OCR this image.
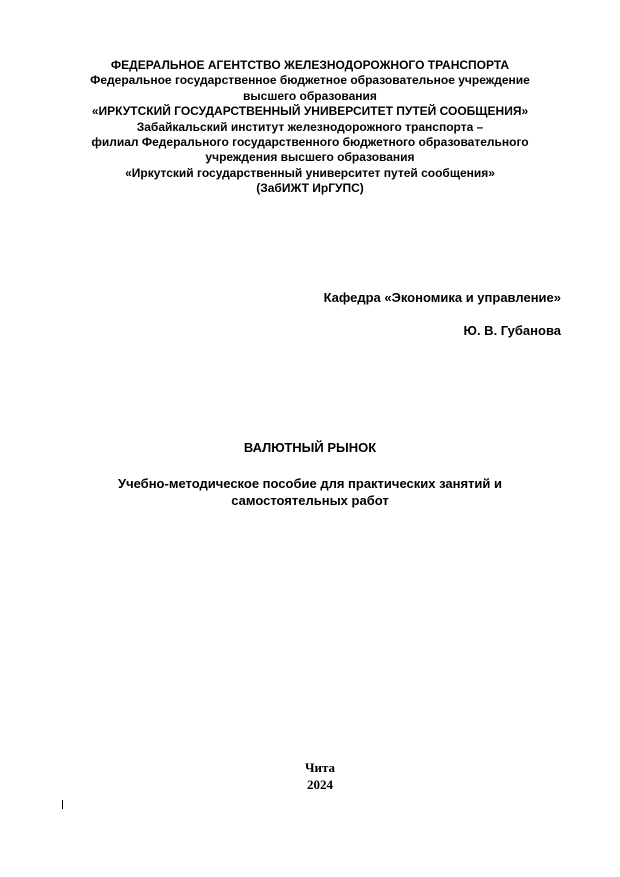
ФЕДЕРАЛЬНОЕ АГЕНТСТВО ЖЕЛЕЗНОДОРОЖНОГО ТРАНСПОРТА
Федеральное государственное бюджетное образовательное учреждение
высшего образования
«ИРКУТСКИЙ ГОСУДАРСТВЕННЫЙ УНИВЕРСИТЕТ ПУТЕЙ СООБЩЕНИЯ»
Забайкальский институт железнодорожного транспорта –
филиал Федерального государственного бюджетного образовательного
учреждения высшего образования
«Иркутский государственный университет путей сообщения»
(ЗабИЖТ ИрГУПС)
Кафедра «Экономика и управление»
Ю. В. Губанова
ВАЛЮТНЫЙ РЫНОК
Учебно-методическое пособие для практических занятий и
самостоятельных работ
Чита
2024
